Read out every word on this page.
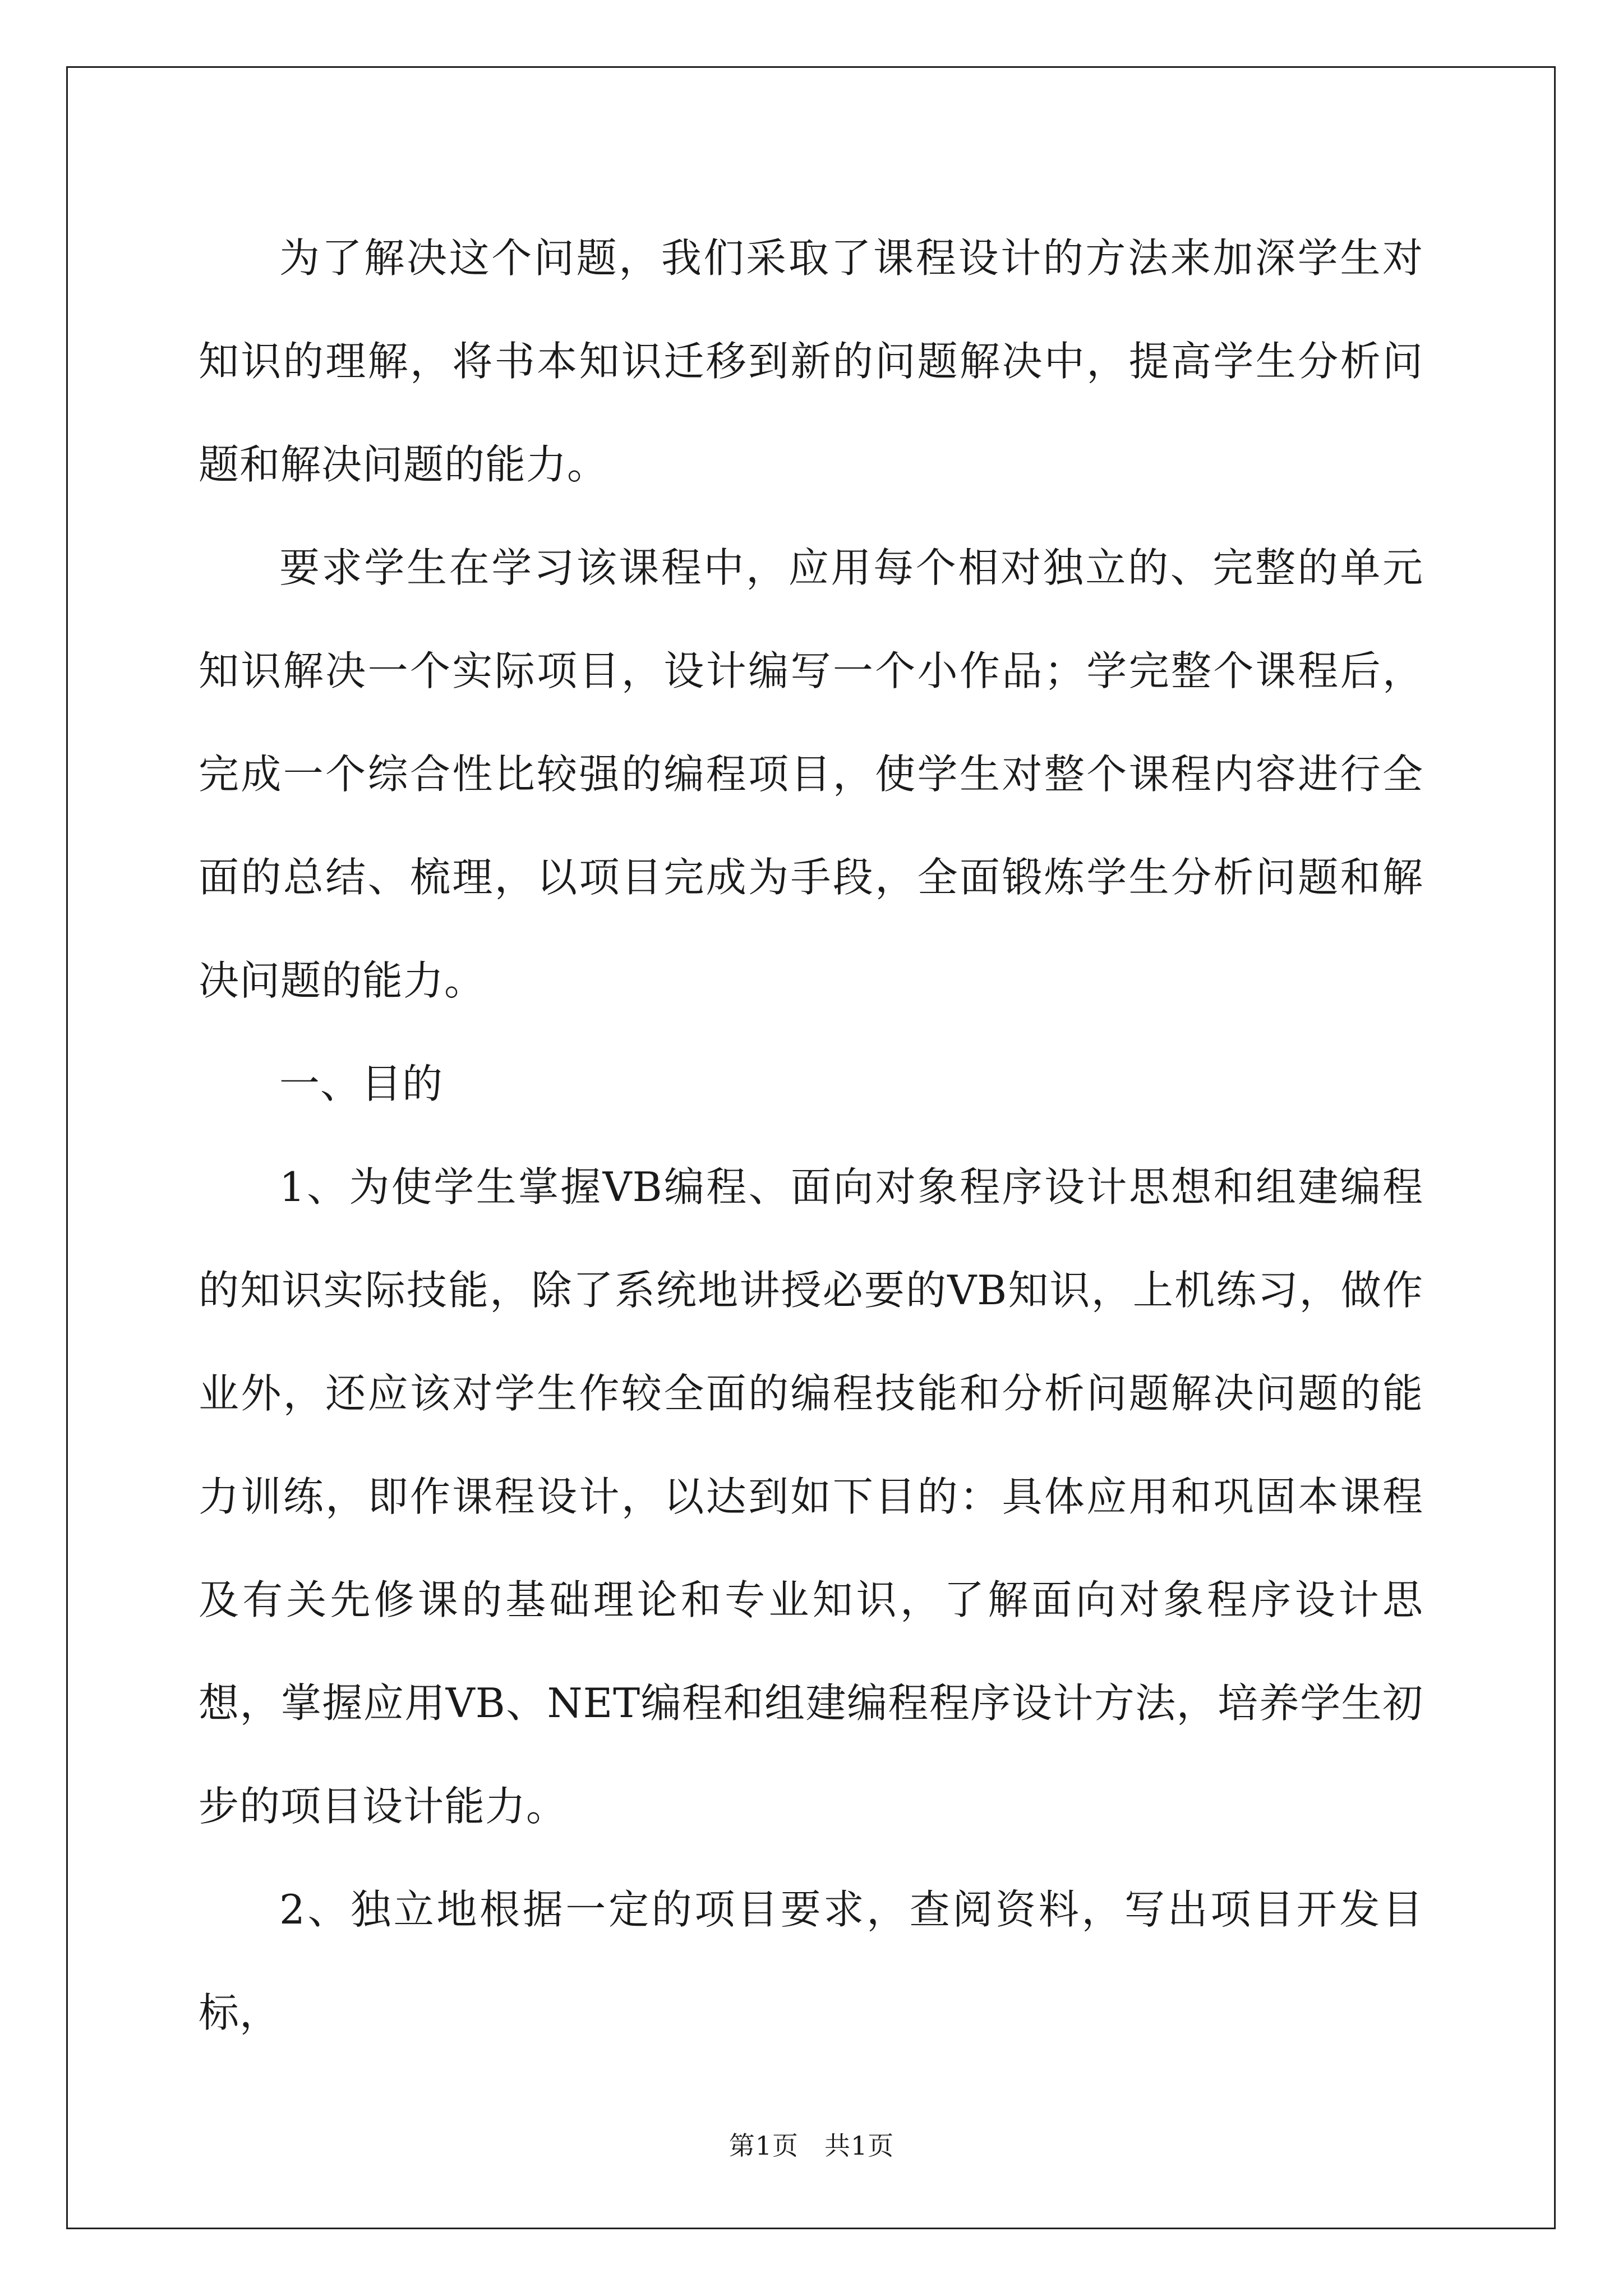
为了解决这个问题，我们采取了课程设计的方法来加深学生对知识的理解，将书本知识迁移到新的问题解决中，提高学生分析问题和解决问题的能力。

要求学生在学习该课程中，应用每个相对独立的、完整的单元知识解决一个实际项目，设计编写一个小作品；学完整个课程后，完成一个综合性比较强的编程项目，使学生对整个课程内容进行全面的总结、梳理，以项目完成为手段，全面锻炼学生分析问题和解决问题的能力。

一、目的

1、为使学生掌握VB编程、面向对象程序设计思想和组建编程的知识实际技能，除了系统地讲授必要的VB知识，上机练习，做作业外，还应该对学生作较全面的编程技能和分析问题解决问题的能力训练，即作课程设计，以达到如下目的：具体应用和巩固本课程及有关先修课的基础理论和专业知识，了解面向对象程序设计思想，掌握应用VB、NET编程和组建编程程序设计方法，培养学生初步的项目设计能力。

2、独立地根据一定的项目要求，查阅资料，写出项目开发目标，

第1页 共1页
